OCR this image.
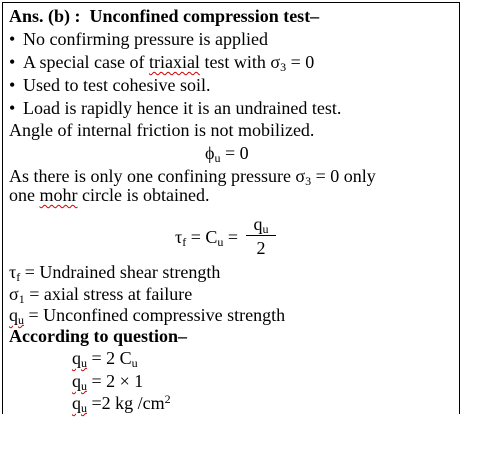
Ans. (b) : Unconfined compression test–
• No confirming pressure is applied
• A special case of triaxial test with $\sigma_3 = 0$
• Used to test cohesive soil.
• Load is rapidly hence it is an undrained test.
Angle of internal friction is not mobilized.
$\phi_u = 0$
As there is only one confining pressure $\sigma_3 = 0$ only
one mohr circle is obtained.
$\tau_f = C_u$ =
$q_u$
2
$\tau_f$ = Undrained shear strength
$\sigma_1$ = axial stress at failure
$q_u$ = Unconfined compressive strength
According to question–
$q_u = 2$ $C_u$
$q_u = 2 \times 1$
$q_u =2$ kg $/cm^2$
